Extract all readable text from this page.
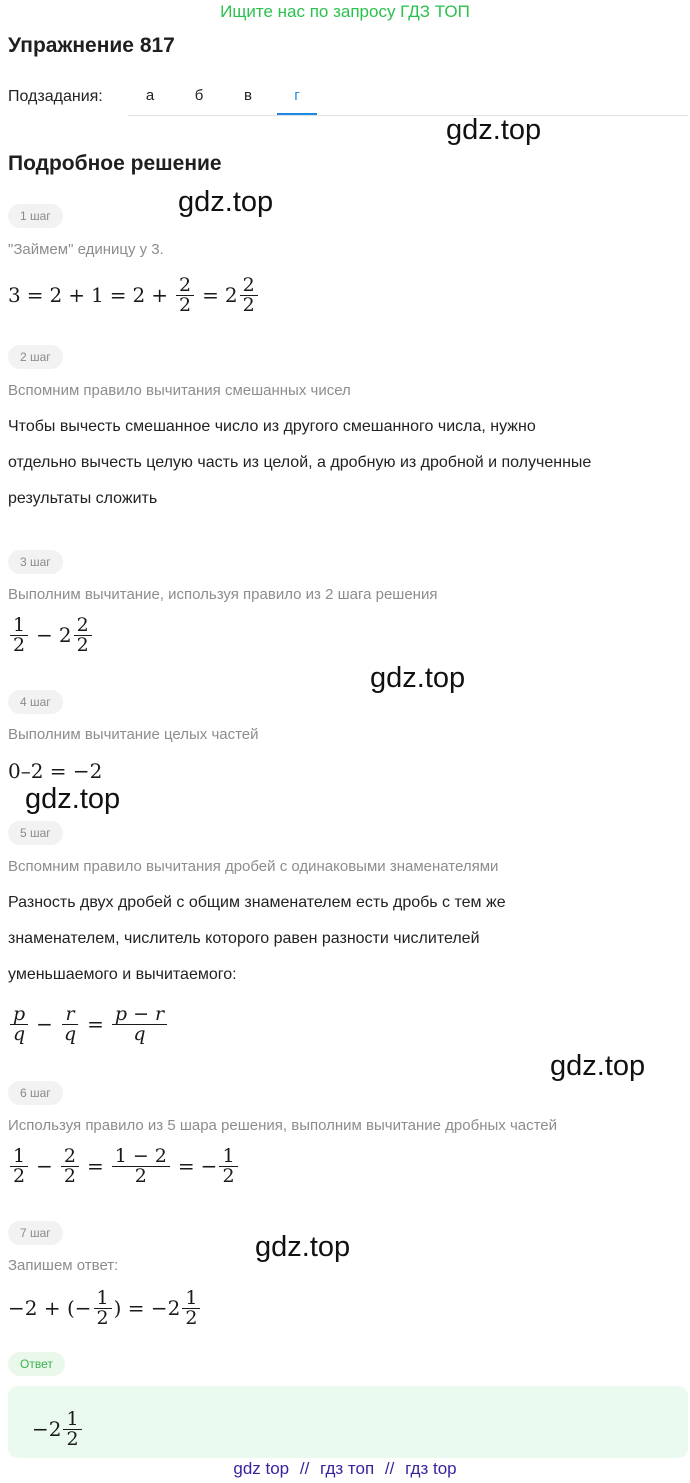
Ищите нас по запросу ГДЗ ТОП
Упражнение 817
Подзадания:	а	б	в	г
gdz.top
Подробное решение
gdz.top
1 шаг
"Займем" единицу у 3.
$3 = 2 + 1 = 2 + \frac{2}{2} = 2 \frac{2}{2}$
2 шаг
Вспомним правило вычитания смешанных чисел
Чтобы вычесть смешанное число из другого смешанного числа, нужно
отдельно вычесть целую часть из целой, а дробную из дробной и полученные
результаты сложить
3 шаг
Выполним вычитание, используя правило из 2 шага решения
$\frac{1}{2} - 2 \frac{2}{2}$
gdz.top
4 шаг
Выполним вычитание целых частей
0–2 = −2
gdz.top
5 шаг
Вспомним правило вычитания дробей с одинаковыми знаменателями
Разность двух дробей с общим знаменателем есть дробь с тем же
знаменателем, числитель которого равен разности числителей
уменьшаемого и вычитаемого:
$\frac{p}{q} - \frac{r}{q} = \frac{p - r}{q}$
gdz.top
6 шаг
Используя правило из 5 шара решения, выполним вычитание дробных частей
$\frac{1}{2} - \frac{2}{2} = \frac{1 - 2}{2}$ = − $\frac{1}{2}$
gdz.top
7 шаг
Запишем ответ:
−2 + (− $\frac{1}{2}$ ) = $-2 \frac{1}{2}$
Ответ
$-2 \frac{1}{2}$
gdz top // гдз топ // гдз top
